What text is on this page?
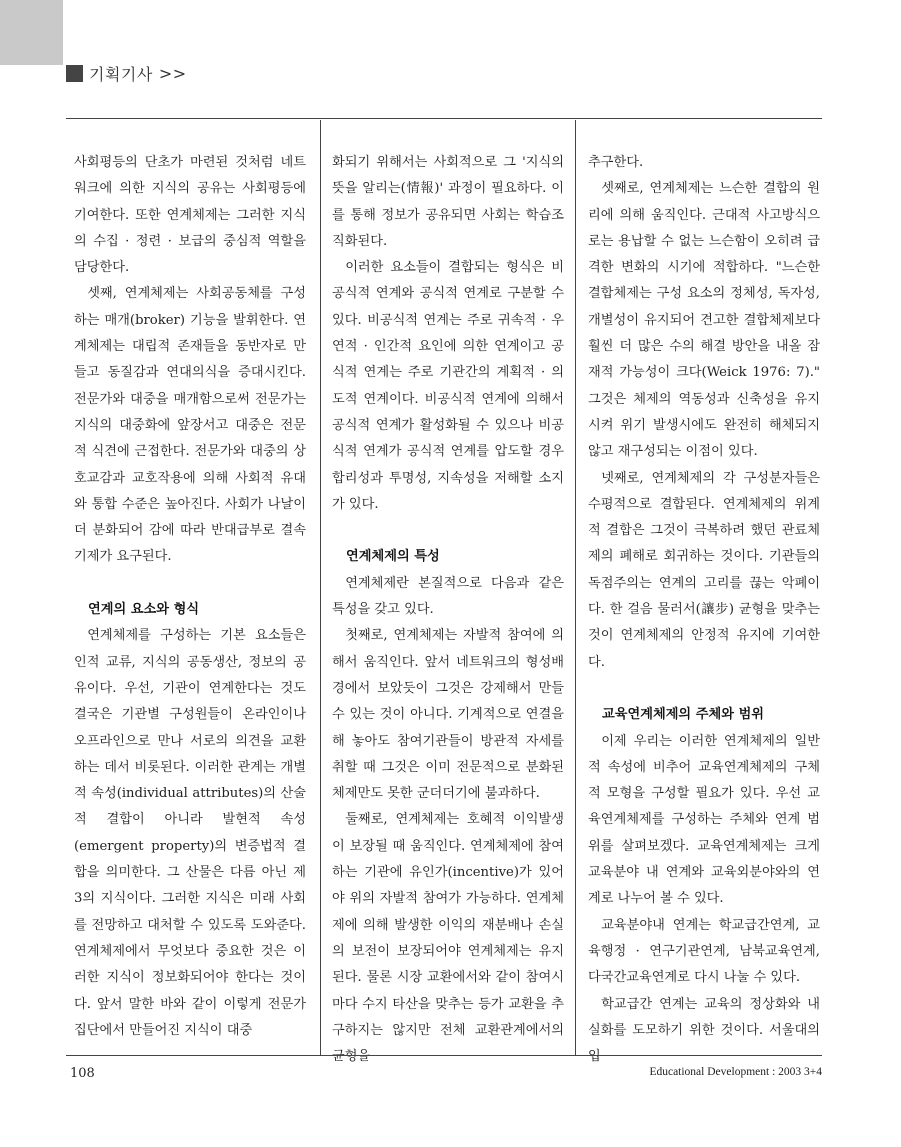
기획기사 >>

사회평등의 단초가 마련된 것처럼 네트워크에 의한 지식의 공유는 사회평등에 기여한다. 또한 연계체제는 그러한 지식의 수집 · 정련 · 보급의 중심적 역할을 담당한다.

셋째, 연계체제는 사회공동체를 구성하는 매개(broker) 기능을 발휘한다. 연계체제는 대립적 존재들을 동반자로 만들고 동질감과 연대의식을 증대시킨다. 전문가와 대중을 매개함으로써 전문가는 지식의 대중화에 앞장서고 대중은 전문적 식견에 근접한다. 전문가와 대중의 상호교감과 교호작용에 의해 사회적 유대와 통합 수준은 높아진다. 사회가 나날이 더 분화되어 감에 따라 반대급부로 결속기제가 요구된다.

연계의 요소와 형식

연계체제를 구성하는 기본 요소들은 인적 교류, 지식의 공동생산, 정보의 공유이다. 우선, 기관이 연계한다는 것도 결국은 기관별 구성원들이 온라인이나 오프라인으로 만나 서로의 의견을 교환하는 데서 비롯된다. 이러한 관계는 개별적 속성(individual attributes)의 산술적 결합이 아니라 발현적 속성(emergent property)의 변증법적 결합을 의미한다. 그 산물은 다름 아닌 제 3의 지식이다. 그러한 지식은 미래 사회를 전망하고 대처할 수 있도록 도와준다. 연계체제에서 무엇보다 중요한 것은 이러한 지식이 정보화되어야 한다는 것이다. 앞서 말한 바와 같이 이렇게 전문가집단에서 만들어진 지식이 대중

화되기 위해서는 사회적으로 그 '지식의 뜻을 알리는(情報)' 과정이 필요하다. 이를 통해 정보가 공유되면 사회는 학습조직화된다.

이러한 요소들이 결합되는 형식은 비공식적 연계와 공식적 연계로 구분할 수 있다. 비공식적 연계는 주로 귀속적 · 우연적 · 인간적 요인에 의한 연계이고 공식적 연계는 주로 기관간의 계획적 · 의도적 연계이다. 비공식적 연계에 의해서 공식적 연계가 활성화될 수 있으나 비공식적 연계가 공식적 연계를 압도할 경우 합리성과 투명성, 지속성을 저해할 소지가 있다.

연계체제의 특성

연계체제란 본질적으로 다음과 같은 특성을 갖고 있다.

첫째로, 연계체제는 자발적 참여에 의해서 움직인다. 앞서 네트워크의 형성배경에서 보았듯이 그것은 강제해서 만들 수 있는 것이 아니다. 기계적으로 연결을 해 놓아도 참여기관들이 방관적 자세를 취할 때 그것은 이미 전문적으로 분화된 체제만도 못한 군더더기에 불과하다.

둘째로, 연계체제는 호혜적 이익발생이 보장될 때 움직인다. 연계체제에 참여하는 기관에 유인가(incentive)가 있어야 위의 자발적 참여가 가능하다. 연계체제에 의해 발생한 이익의 재분배나 손실의 보전이 보장되어야 연계체제는 유지된다. 물론 시장 교환에서와 같이 참여시마다 수지 타산을 맞추는 등가 교환을 추구하지는 않지만 전체 교환관계에서의 균형을

추구한다.

셋째로, 연계체제는 느슨한 결합의 원리에 의해 움직인다. 근대적 사고방식으로는 용납할 수 없는 느슨함이 오히려 급격한 변화의 시기에 적합하다. "느슨한 결합체제는 구성 요소의 정체성, 독자성, 개별성이 유지되어 견고한 결합체제보다 훨씬 더 많은 수의 해결 방안을 내올 잠재적 가능성이 크다(Weick 1976: 7)." 그것은 체제의 역동성과 신축성을 유지시켜 위기 발생시에도 완전히 해체되지 않고 재구성되는 이점이 있다.

넷째로, 연계체제의 각 구성분자들은 수평적으로 결합된다. 연계체제의 위계적 결합은 그것이 극복하려 했던 관료체제의 폐해로 회귀하는 것이다. 기관들의 독점주의는 연계의 고리를 끊는 악폐이다. 한 걸음 물러서(讓步) 균형을 맞추는 것이 연계체제의 안정적 유지에 기여한다.

교육연계체제의 주체와 범위

이제 우리는 이러한 연계체제의 일반적 속성에 비추어 교육연계체제의 구체적 모형을 구성할 필요가 있다. 우선 교육연계체제를 구성하는 주체와 연계 범위를 살펴보겠다. 교육연계체제는 크게 교육분야 내 연계와 교육외분야와의 연계로 나누어 볼 수 있다.

교육분야내 연계는 학교급간연계, 교육행정 · 연구기관연계, 남북교육연계, 다국간교육연계로 다시 나눌 수 있다.

학교급간 연계는 교육의 정상화와 내실화를 도모하기 위한 것이다. 서울대의 입

108	Educational Development : 2003 3+4
